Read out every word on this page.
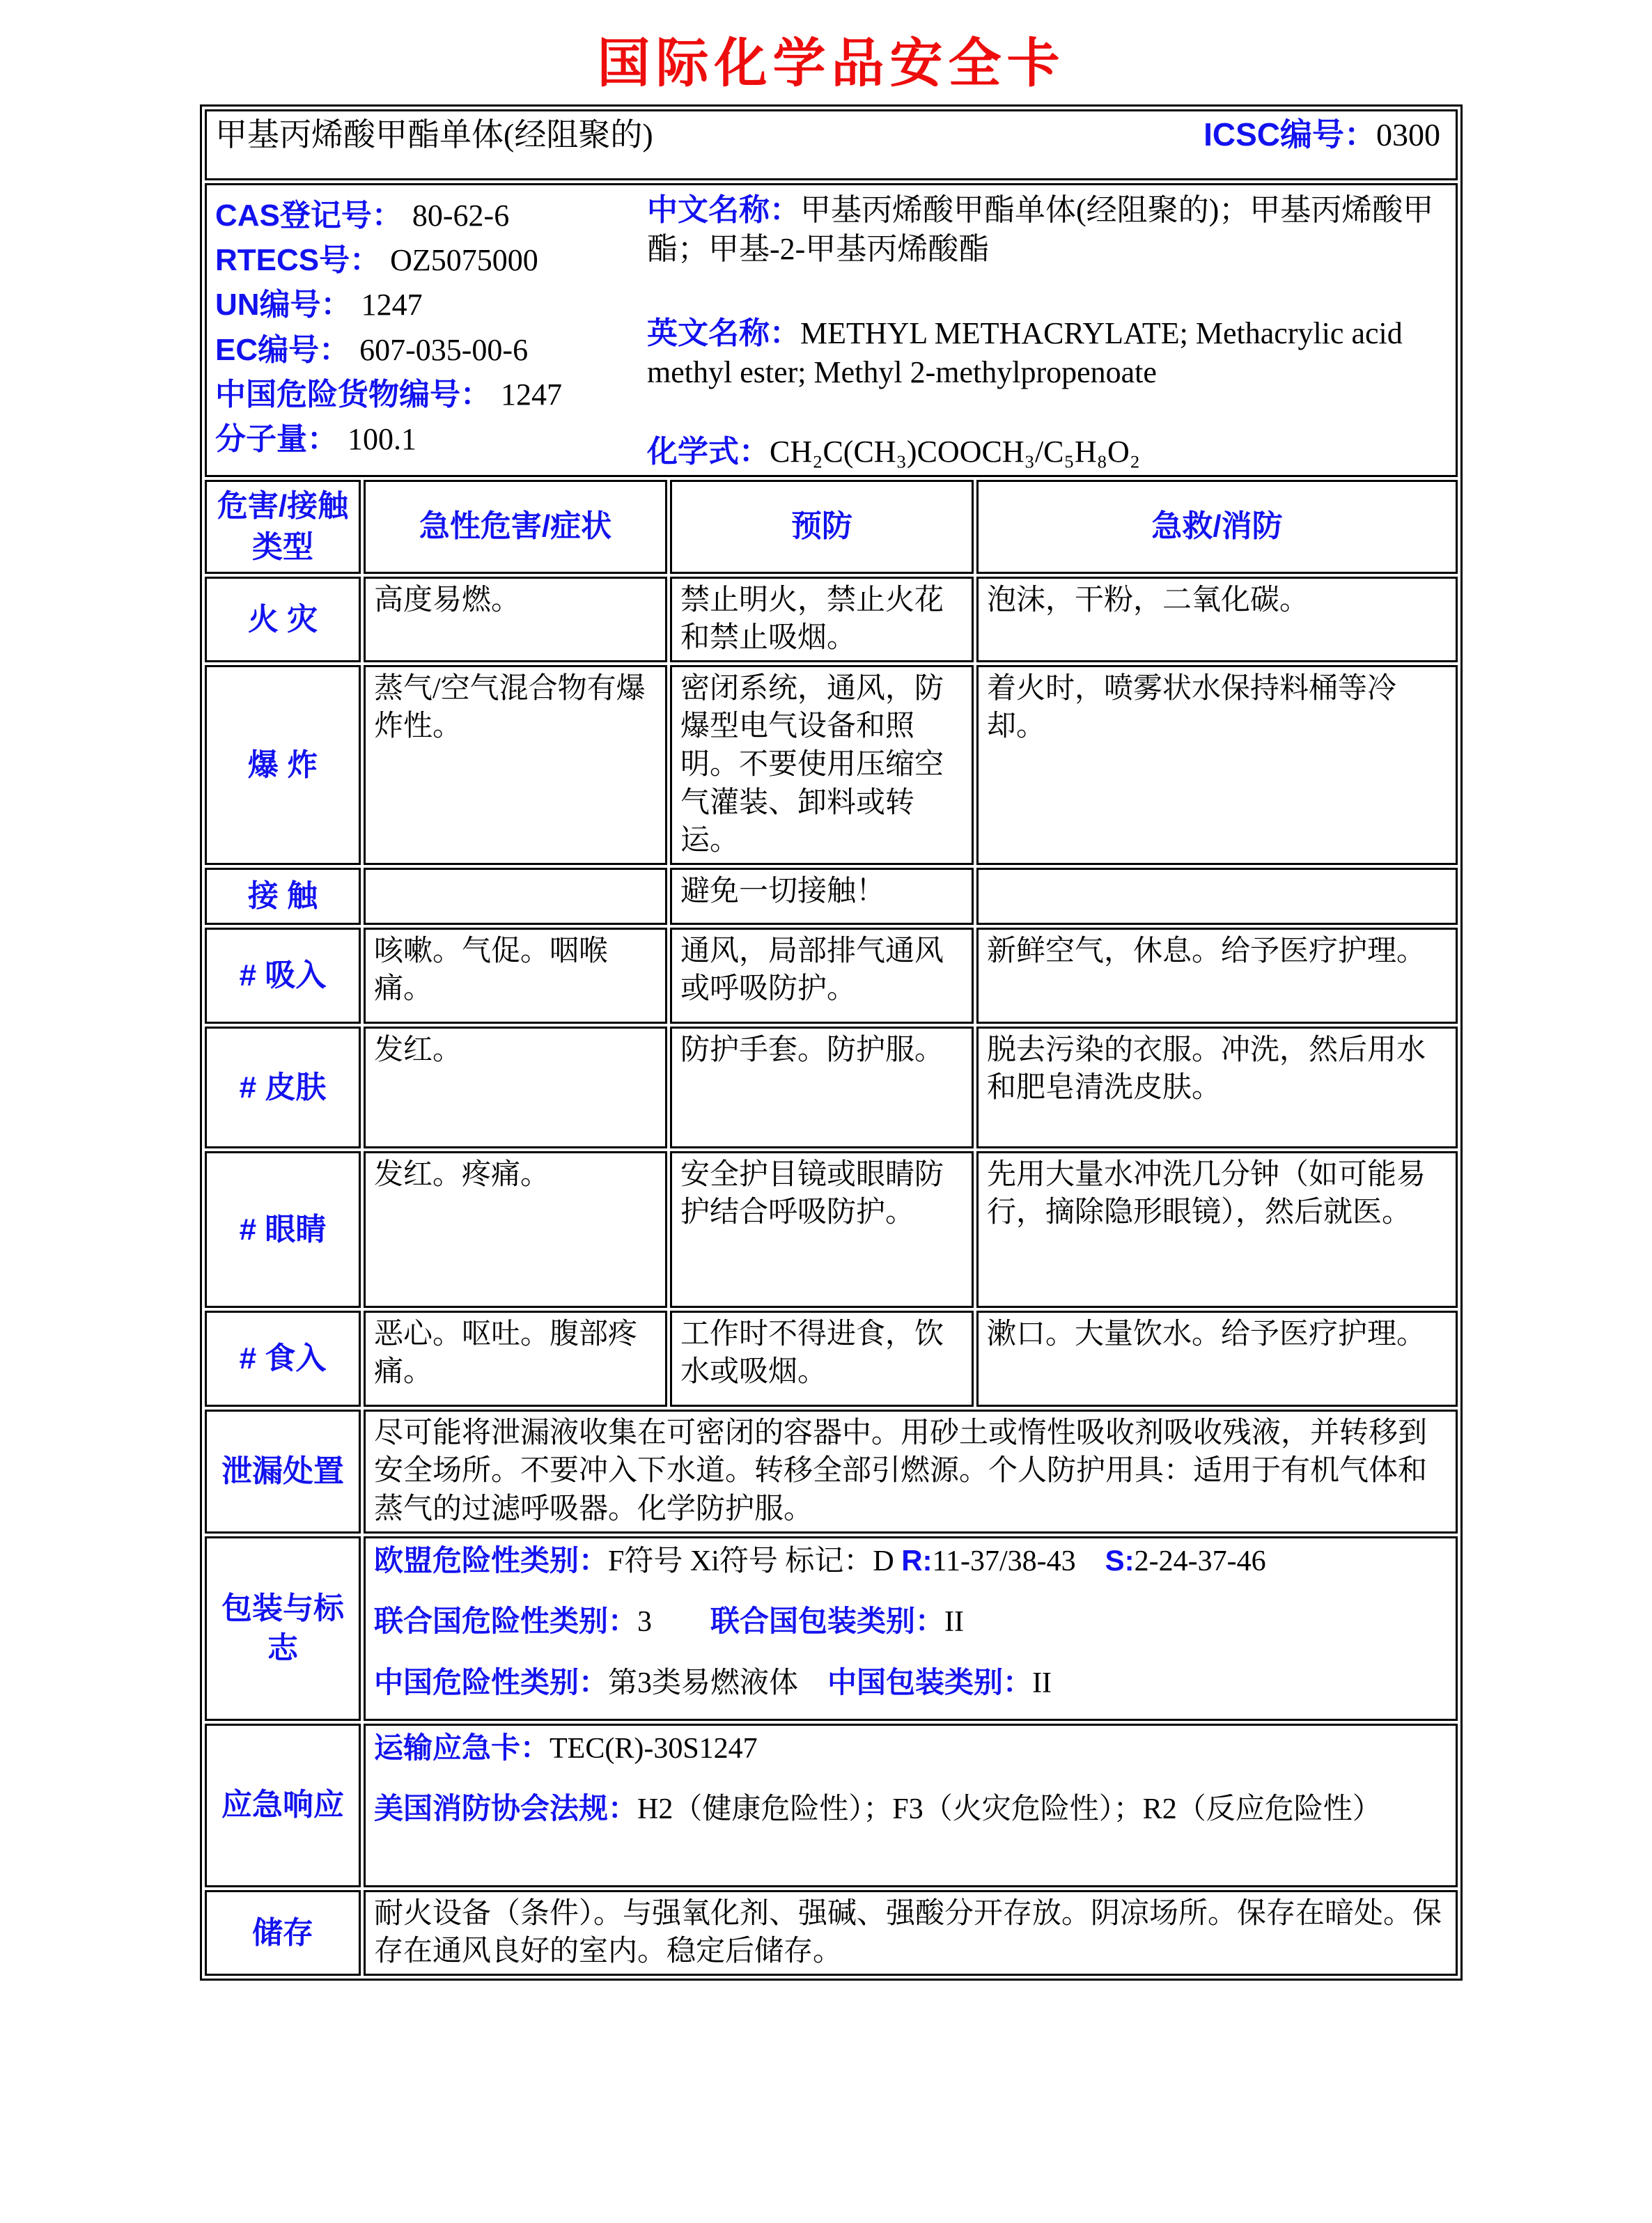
国际化学品安全卡
甲基丙烯酸甲酯单体(经阻聚的) ICSC编号：0300			

CAS登记号： 80-62-6
RTECS号： OZ5075000
UN编号： 1247
EC编号： 607-035-00-6
中国危险货物编号： 1247
分子量： 100.1
中文名称：甲基丙烯酸甲酯单体(经阻聚的)；甲基丙烯酸甲酯；甲基-2-甲基丙烯酸酯
英文名称：METHYL METHACRYLATE; Methacrylic acid methyl ester; Methyl 2-methylpropenoate
化学式：CH₂C(CH₃)COOCH₃/C₅H₈O₂

危害/接触类型	急性危害/症状	预防	急救/消防
火 灾	高度易燃。	禁止明火，禁止火花和禁止吸烟。	泡沫，干粉，二氧化碳。
爆 炸	蒸气/空气混合物有爆炸性。	密闭系统，通风，防爆型电气设备和照明。不要使用压缩空气灌装、卸料或转运。	着火时，喷雾状水保持料桶等冷却。
接 触		避免一切接触！	
# 吸入	咳嗽。气促。咽喉痛。	通风，局部排气通风或呼吸防护。	新鲜空气，休息。给予医疗护理。
# 皮肤	发红。	防护手套。防护服。	脱去污染的衣服。冲洗，然后用水和肥皂清洗皮肤。
# 眼睛	发红。疼痛。	安全护目镜或眼睛防护结合呼吸防护。	先用大量水冲洗几分钟（如可能易行，摘除隐形眼镜），然后就医。
# 食入	恶心。呕吐。腹部疼痛。	工作时不得进食，饮水或吸烟。	漱口。大量饮水。给予医疗护理。
泄漏处置	尽可能将泄漏液收集在可密闭的容器中。用砂土或惰性吸收剂吸收残液，并转移到安全场所。不要冲入下水道。转移全部引燃源。个人防护用具：适用于有机气体和蒸气的过滤呼吸器。化学防护服。		
包装与标志	欧盟危险性类别：F符号 Xi符号 标记：D R:11-37/38-43　S:2-24-37-46
联合国危险性类别：3　　 联合国包装类别：II
中国危险性类别：第3类易燃液体　 中国包装类别：II		

应急响应	运输应急卡：TEC(R)-30S1247
美国消防协会法规：H2（健康危险性）；F3（火灾危险性）；R2（反应危险性）		

储存	耐火设备（条件）。与强氧化剂、强碱、强酸分开存放。阴凉场所。保存在暗处。保存在通风良好的室内。稳定后储存。		
